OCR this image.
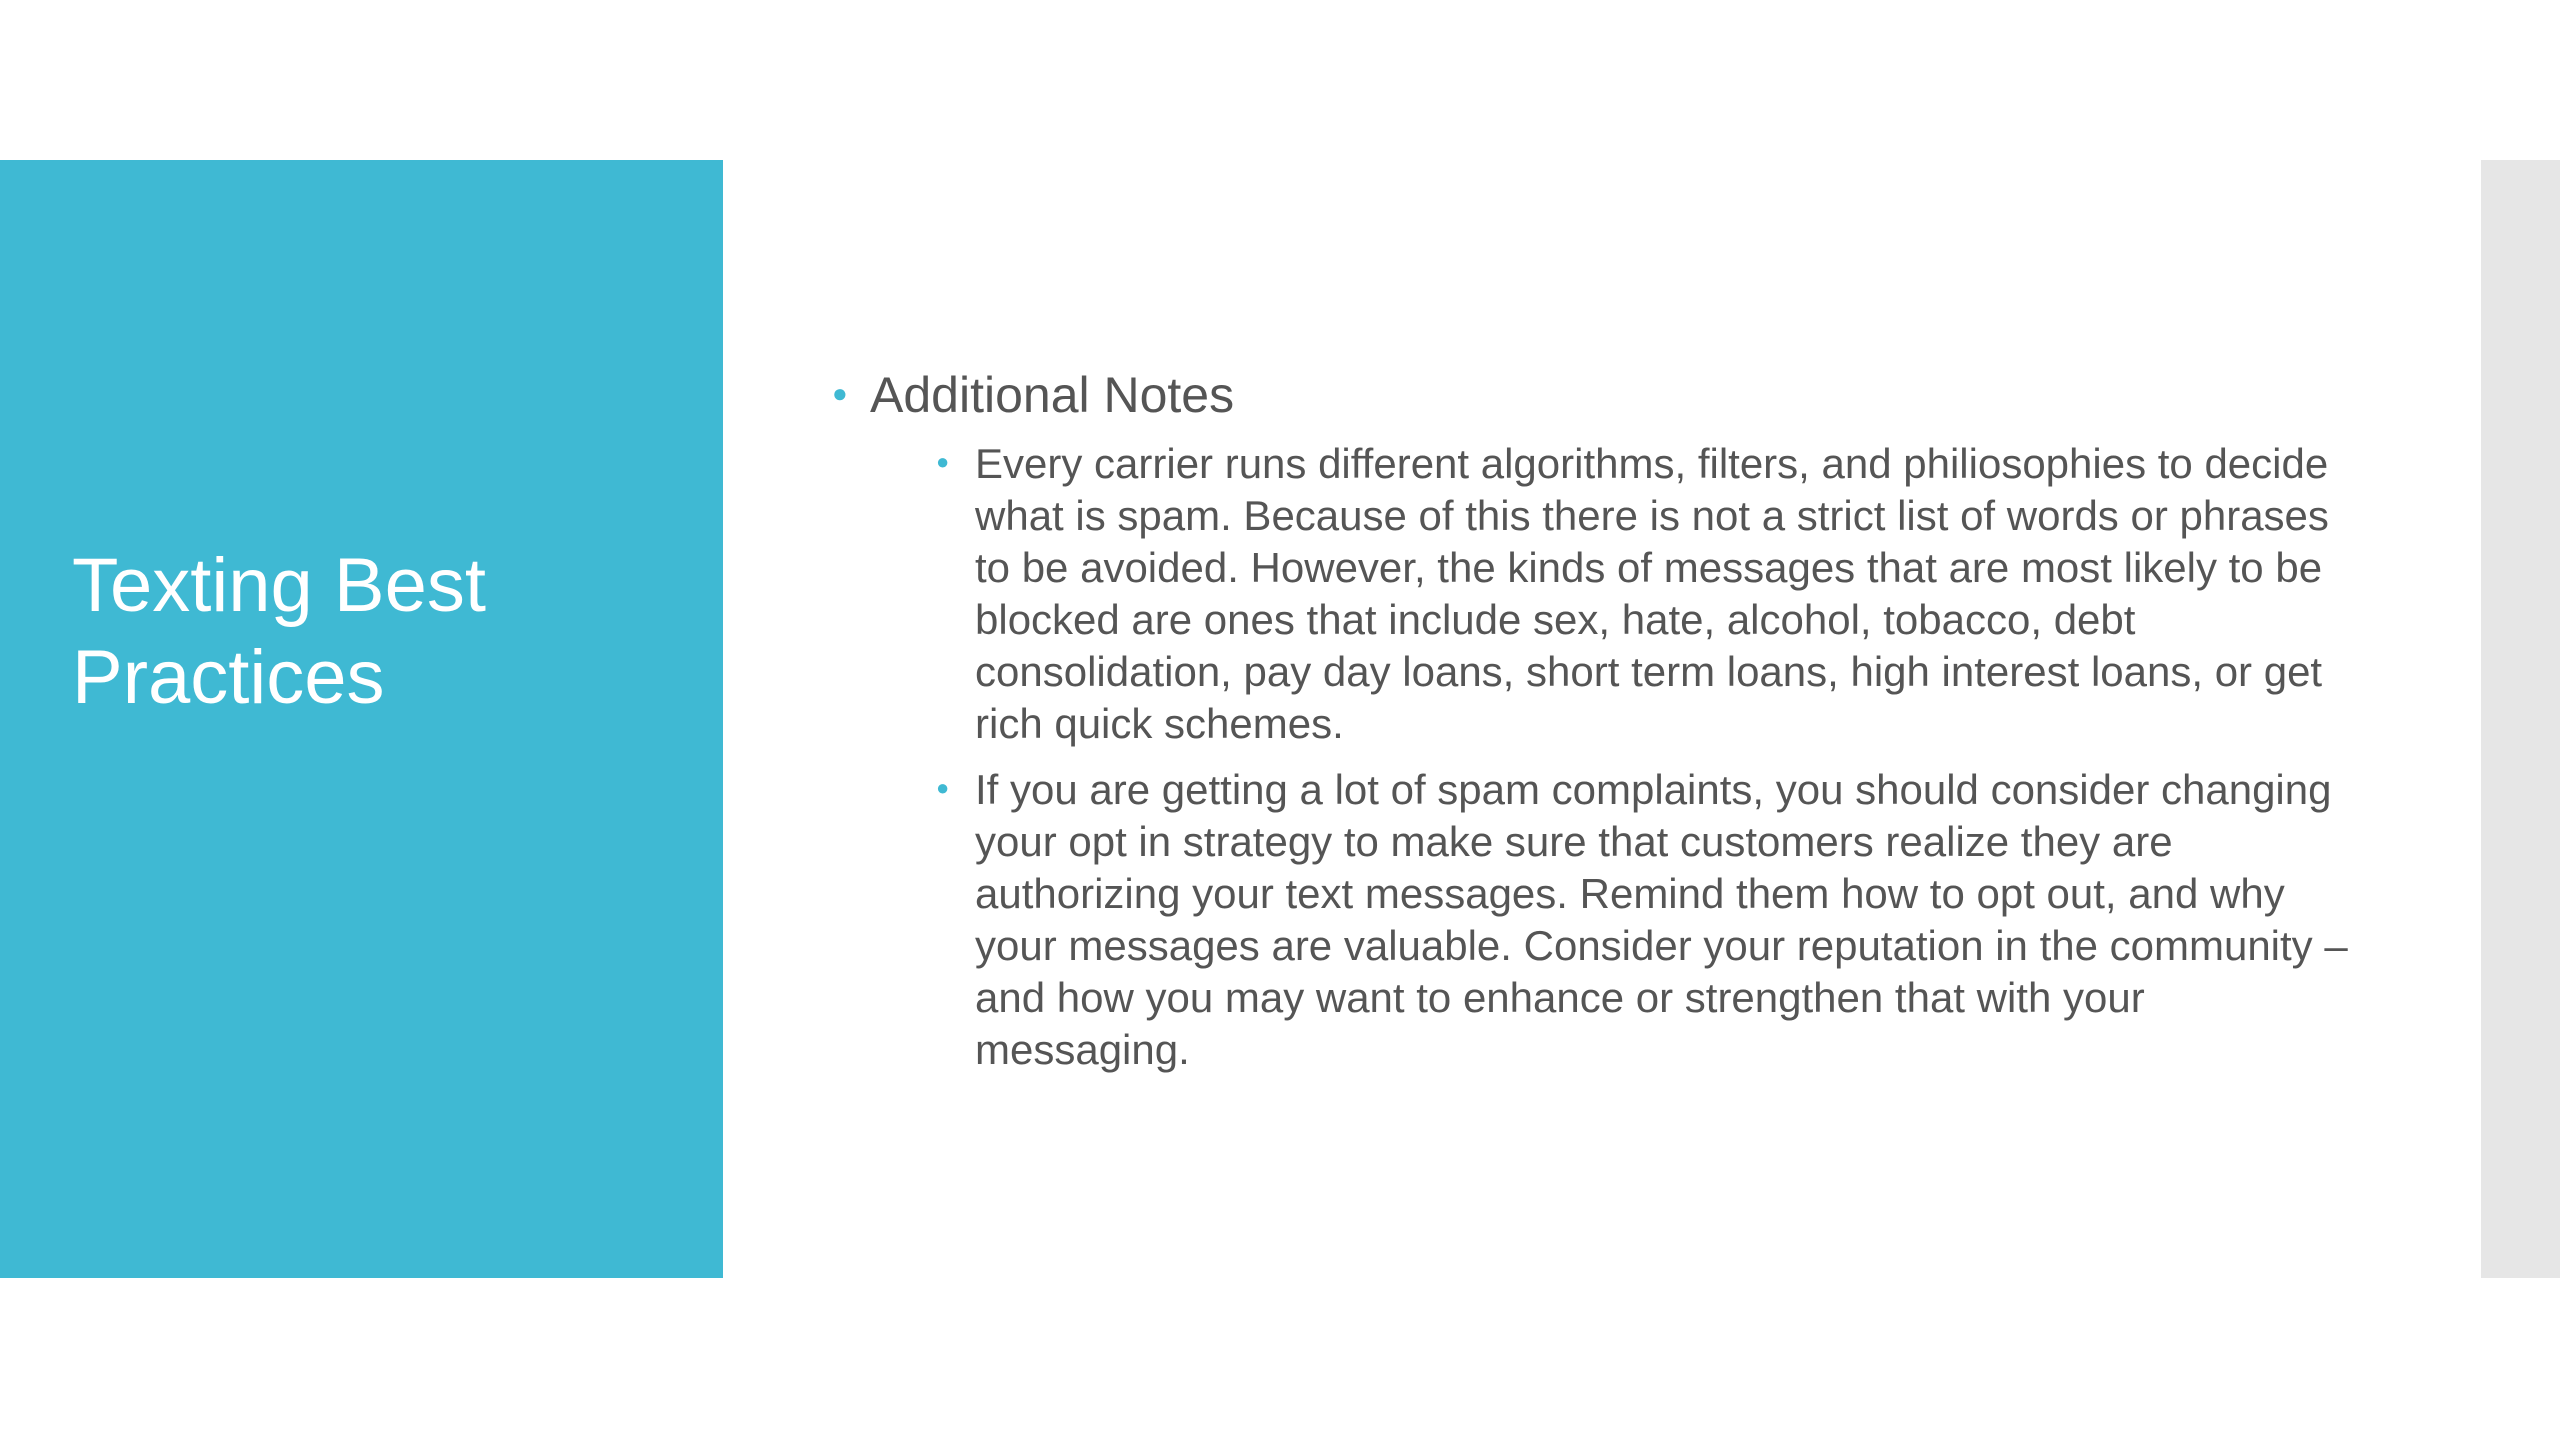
Texting Best Practices
● Additional Notes
● Every carrier runs different algorithms, filters, and philiosophies to decide what is spam. Because of this there is not a strict list of words or phrases to be avoided. However, the kinds of messages that are most likely to be blocked are ones that include sex, hate, alcohol, tobacco, debt consolidation, pay day loans, short term loans, high interest loans, or get rich quick schemes.
● If you are getting a lot of spam complaints, you should consider changing your opt in strategy to make sure that customers realize they are authorizing your text messages. Remind them how to opt out, and why your messages are valuable. Consider your reputation in the community – and how you may want to enhance or strengthen that with your messaging.
